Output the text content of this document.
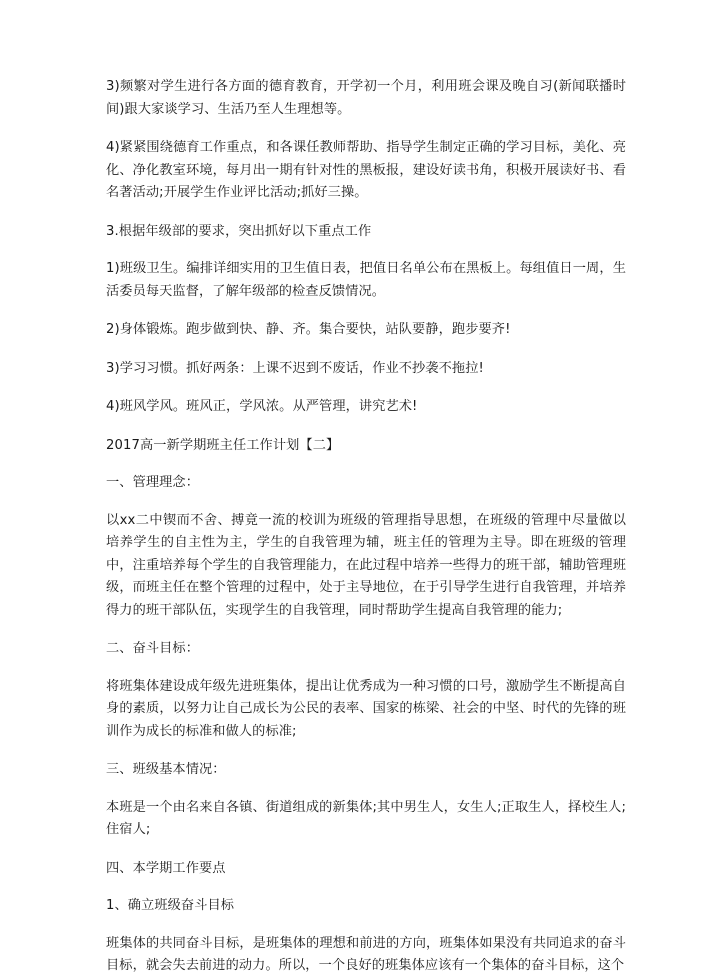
3)频繁对学生进行各方面的德育教育，开学初一个月，利用班会课及晚自习(新闻联播时间)跟大家谈学习、生活乃至人生理想等。

4)紧紧围绕德育工作重点，和各课任教师帮助、指导学生制定正确的学习目标，美化、亮化、净化教室环境，每月出一期有针对性的黑板报，建设好读书角，积极开展读好书、看名著活动;开展学生作业评比活动;抓好三操。

3.根据年级部的要求，突出抓好以下重点工作

1)班级卫生。编排详细实用的卫生值日表，把值日名单公布在黑板上。每组值日一周，生活委员每天监督，了解年级部的检查反馈情况。

2)身体锻炼。跑步做到快、静、齐。集合要快，站队要静，跑步要齐!

3)学习习惯。抓好两条：上课不迟到不废话，作业不抄袭不拖拉!

4)班风学风。班风正，学风浓。从严管理，讲究艺术!

2017高一新学期班主任工作计划【二】

一、管理理念：

以xx二中锲而不舍、搏竟一流的校训为班级的管理指导思想，在班级的管理中尽量做以培养学生的自主性为主，学生的自我管理为辅，班主任的管理为主导。即在班级的管理中，注重培养每个学生的自我管理能力，在此过程中培养一些得力的班干部，辅助管理班级，而班主任在整个管理的过程中，处于主导地位，在于引导学生进行自我管理，并培养得力的班干部队伍，实现学生的自我管理，同时帮助学生提高自我管理的能力;

二、奋斗目标：

将班集体建设成年级先进班集体，提出让优秀成为一种习惯的口号，激励学生不断提高自身的素质，以努力让自己成长为公民的表率、国家的栋梁、社会的中坚、时代的先锋的班训作为成长的标准和做人的标准;

三、班级基本情况：

本班是一个由名来自各镇、街道组成的新集体;其中男生人，女生人;正取生人，择校生人;住宿人;

四、本学期工作要点

1、确立班级奋斗目标

班集体的共同奋斗目标，是班集体的理想和前进的方向，班集体如果没有共同追求的奋斗目标，就会失去前进的动力。所以，一个良好的班集体应该有一个集体的奋斗目标，这个
